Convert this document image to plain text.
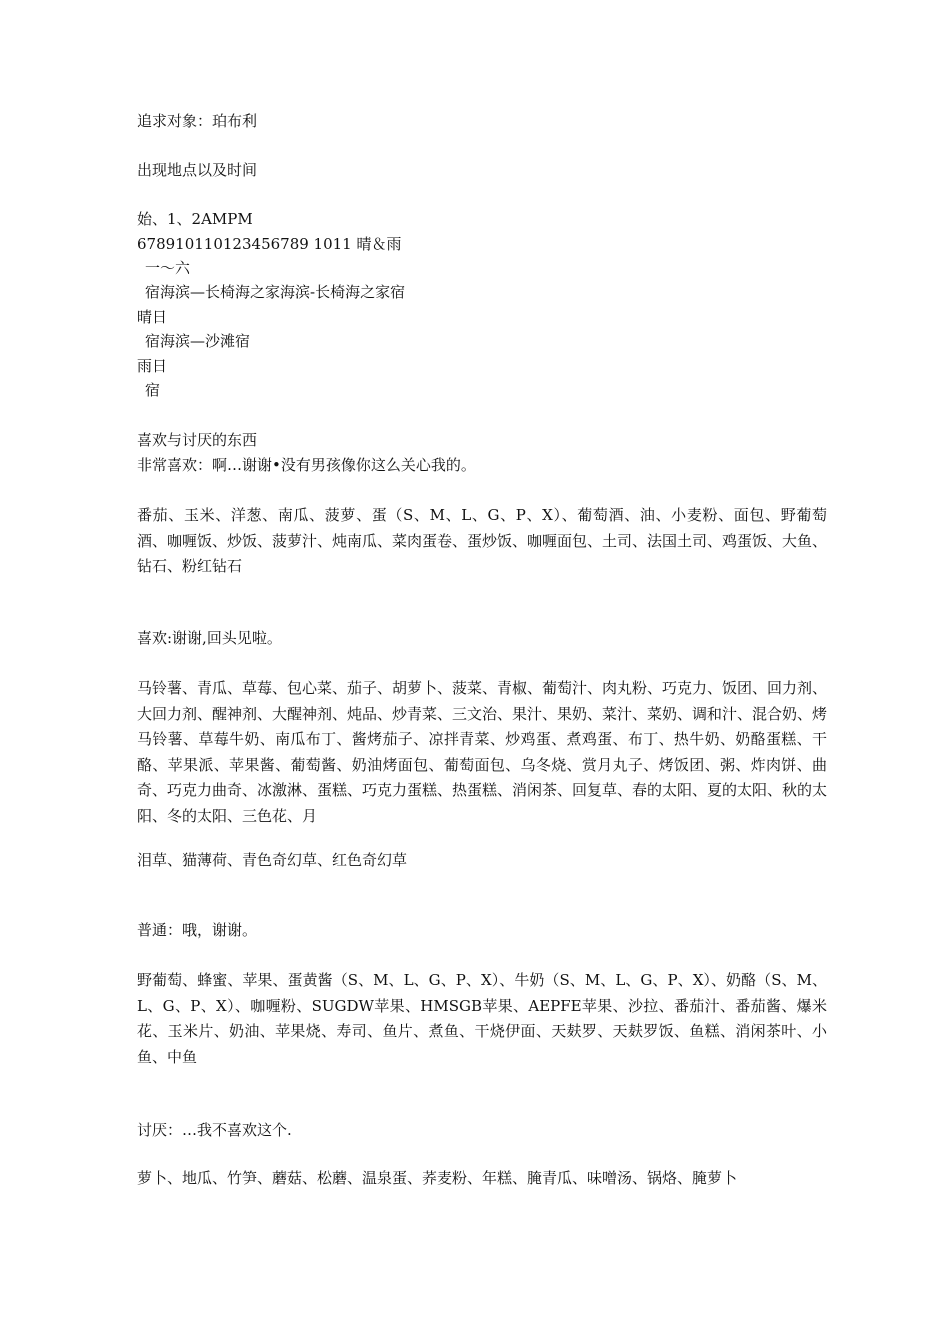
追求对象：珀布利
出现地点以及时间
始、1、2AMPM
678910110123456789 1011 晴＆雨
一～六
宿海滨—长椅海之家海滨-长椅海之家宿
晴日
宿海滨—沙滩宿
雨日
宿
喜欢与讨厌的东西
非常喜欢：啊…谢谢•没有男孩像你这么关心我的。
番茄、玉米、洋葱、南瓜、菠萝、蛋（S、M、L、G、P、X）、葡萄酒、油、小麦粉、面包、野葡萄酒、咖喱饭、炒饭、菠萝汁、炖南瓜、菜肉蛋卷、蛋炒饭、咖喱面包、土司、法国土司、鸡蛋饭、大鱼、钻石、粉红钻石
喜欢:谢谢,回头见啦。
马铃薯、青瓜、草莓、包心菜、茄子、胡萝卜、菠菜、青椒、葡萄汁、肉丸粉、巧克力、饭团、回力剂、大回力剂、醒神剂、大醒神剂、炖品、炒青菜、三文治、果汁、果奶、菜汁、菜奶、调和汁、混合奶、烤马铃薯、草莓牛奶、南瓜布丁、酱烤茄子、凉拌青菜、炒鸡蛋、煮鸡蛋、布丁、热牛奶、奶酪蛋糕、干酪、苹果派、苹果酱、葡萄酱、奶油烤面包、葡萄面包、乌冬烧、赏月丸子、烤饭团、粥、炸肉饼、曲奇、巧克力曲奇、冰激淋、蛋糕、巧克力蛋糕、热蛋糕、消闲茶、回复草、春的太阳、夏的太阳、秋的太阳、冬的太阳、三色花、月
泪草、猫薄荷、青色奇幻草、红色奇幻草
普通：哦，谢谢。
野葡萄、蜂蜜、苹果、蛋黄酱（S、M、L、G、P、X）、牛奶（S、M、L、G、P、X）、奶酪（S、M、L、G、P、X）、咖喱粉、SUGDW苹果、HMSGB苹果、AEPFE苹果、沙拉、番茄汁、番茄酱、爆米花、玉米片、奶油、苹果烧、寿司、鱼片、煮鱼、干烧伊面、天麸罗、天麸罗饭、鱼糕、消闲茶叶、小鱼、中鱼
讨厌：…我不喜欢这个.
萝卜、地瓜、竹笋、蘑菇、松蘑、温泉蛋、荞麦粉、年糕、腌青瓜、味噌汤、锅烙、腌萝卜
